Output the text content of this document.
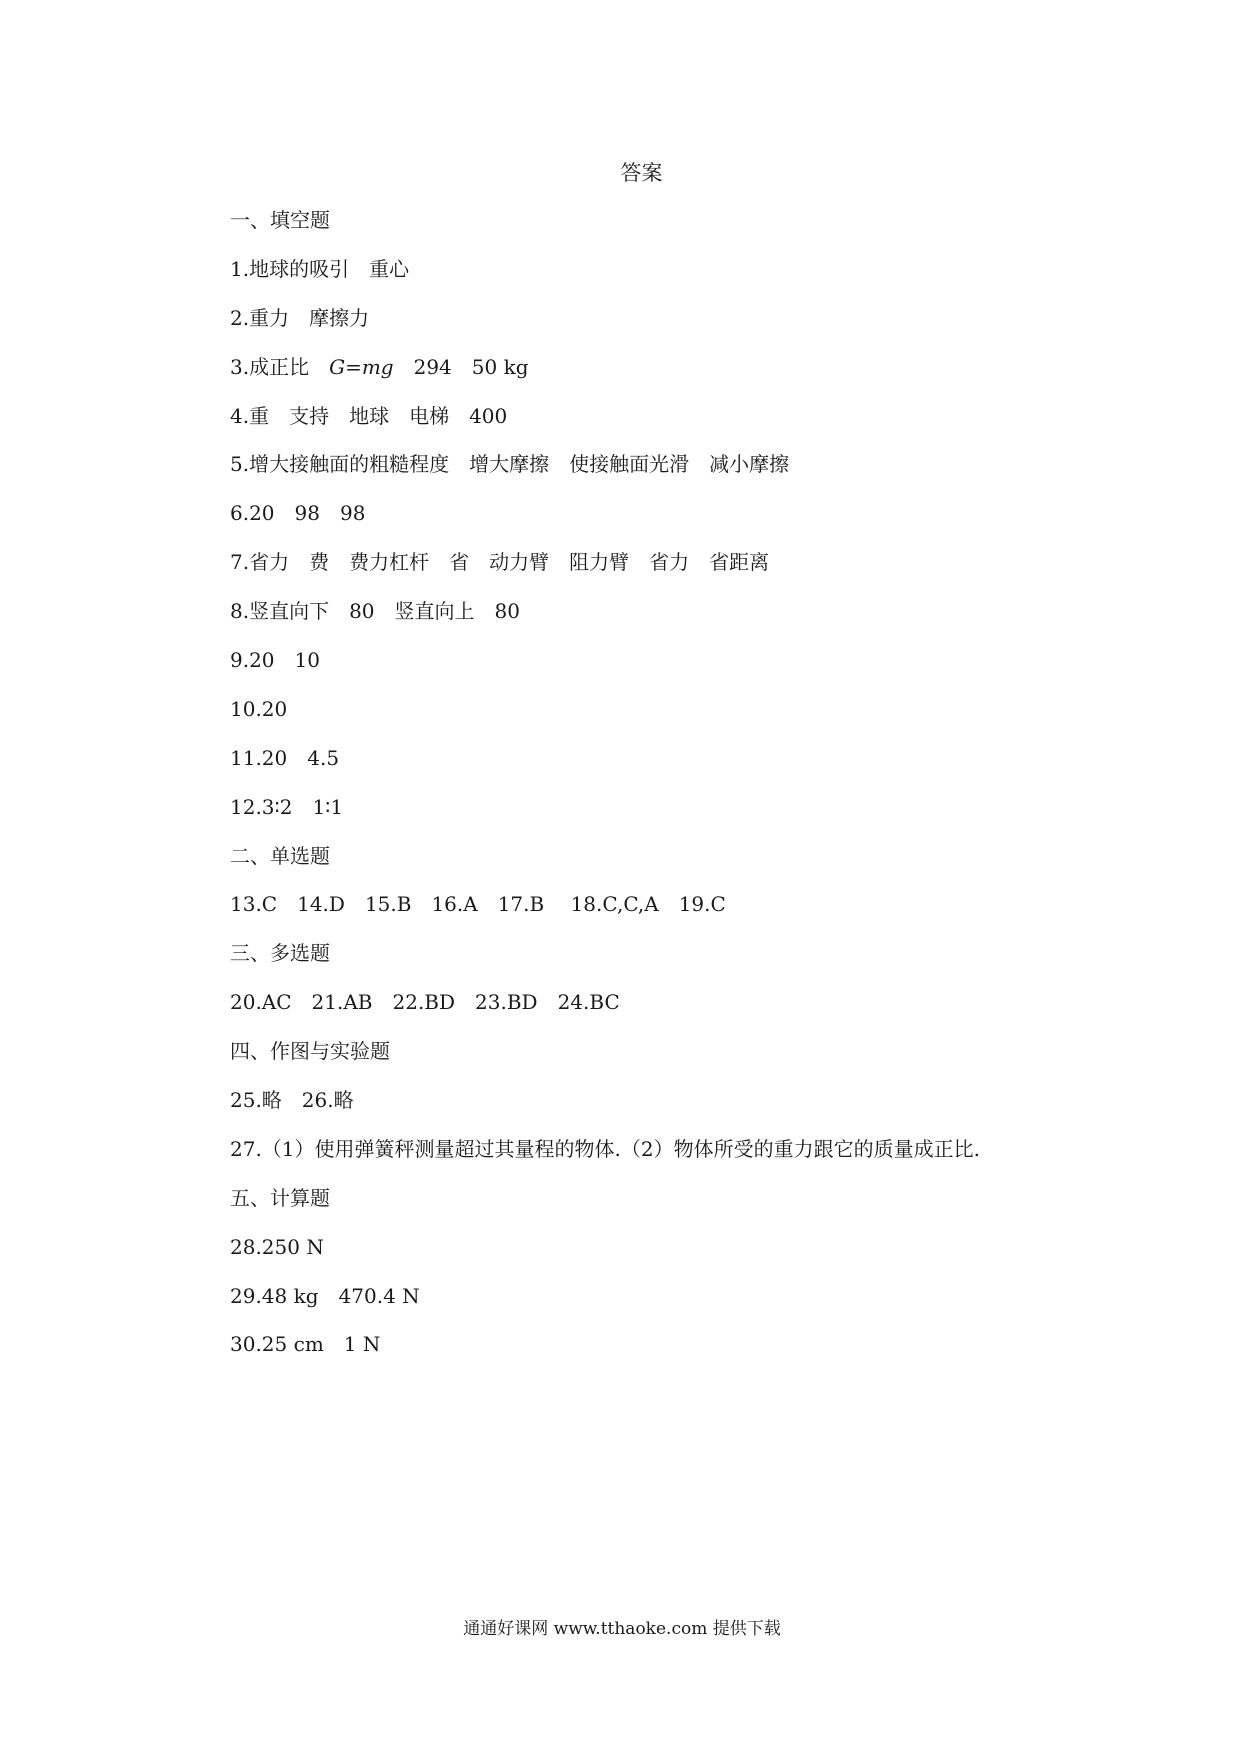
答案
一、填空题
1.地球的吸引　重心
2.重力　摩擦力
3.成正比　G=mg　294　50 kg
4.重　支持　地球　电梯　400
5.增大接触面的粗糙程度　增大摩擦　使接触面光滑　减小摩擦
6.20　98　98
7.省力　费　费力杠杆　省　动力臂　阻力臂　省力　省距离
8.竖直向下　80　竖直向上　80
9.20　10
10.20
11.20　4.5
12.3∶2　1∶1
二、单选题
13.C　14.D　15.B　16.A　17.B　 18.C,C,A　19.C
三、多选题
20.AC　21.AB　22.BD　23.BD　24.BC
四、作图与实验题
25.略　26.略
27.（1）使用弹簧秤测量超过其量程的物体.（2）物体所受的重力跟它的质量成正比.
五、计算题
28.250 N
29.48 kg　470.4 N
30.25 cm　1 N
通通好课网 www.tthaoke.com 提供下载
